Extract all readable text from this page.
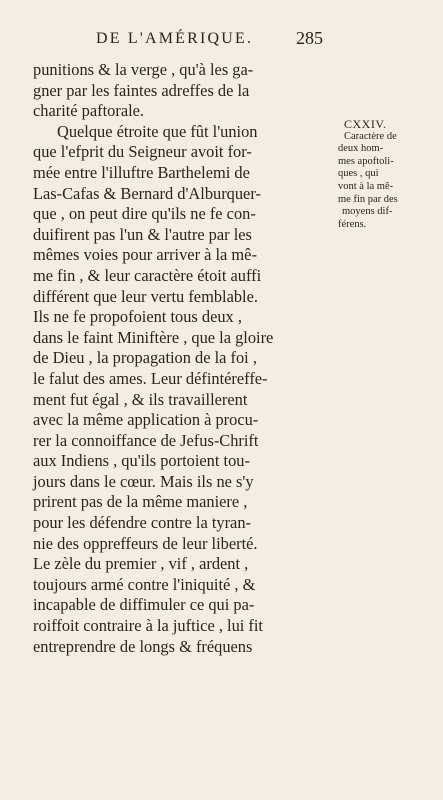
DE L'AMÉRIQUE. 285
punitions & la verge , qu'à les ga-
gner par les faintes adreffes de la
charité paftorale.
Quelque étroite que fût l'union
que l'efprit du Seigneur avoit for-
mée entre l'illuftre Barthelemi de
Las-Cafas & Bernard d'Alburquer-
que , on peut dire qu'ils ne fe con-
duifirent pas l'un & l'autre par les
mêmes voies pour arriver à la mê-
me fin , & leur caractère étoit auffi
différent que leur vertu femblable.
Ils ne fe propofoient tous deux ,
dans le faint Miniftère , que la gloire
de Dieu , la propagation de la foi ,
le falut des ames. Leur défintéreffe-
ment fut égal , & ils travaillerent
avec la même application à procu-
rer la connoiffance de Jefus-Chrift
aux Indiens , qu'ils portoient tou-
jours dans le cœur. Mais ils ne s'y
prirent pas de la même maniere ,
pour les défendre contre la tyran-
nie des oppreffeurs de leur liberté.
Le zèle du premier , vif , ardent ,
toujours armé contre l'iniquité , &
incapable de diffimuler ce qui pa-
roiffoit contraire à la juftice , lui fit
entreprendre de longs & fréquens
CXXIV.
Caractère de
deux hom-
mes apoftoli-
ques , qui
vont à la mê-
me fin par des
moyens dif-
férens.
